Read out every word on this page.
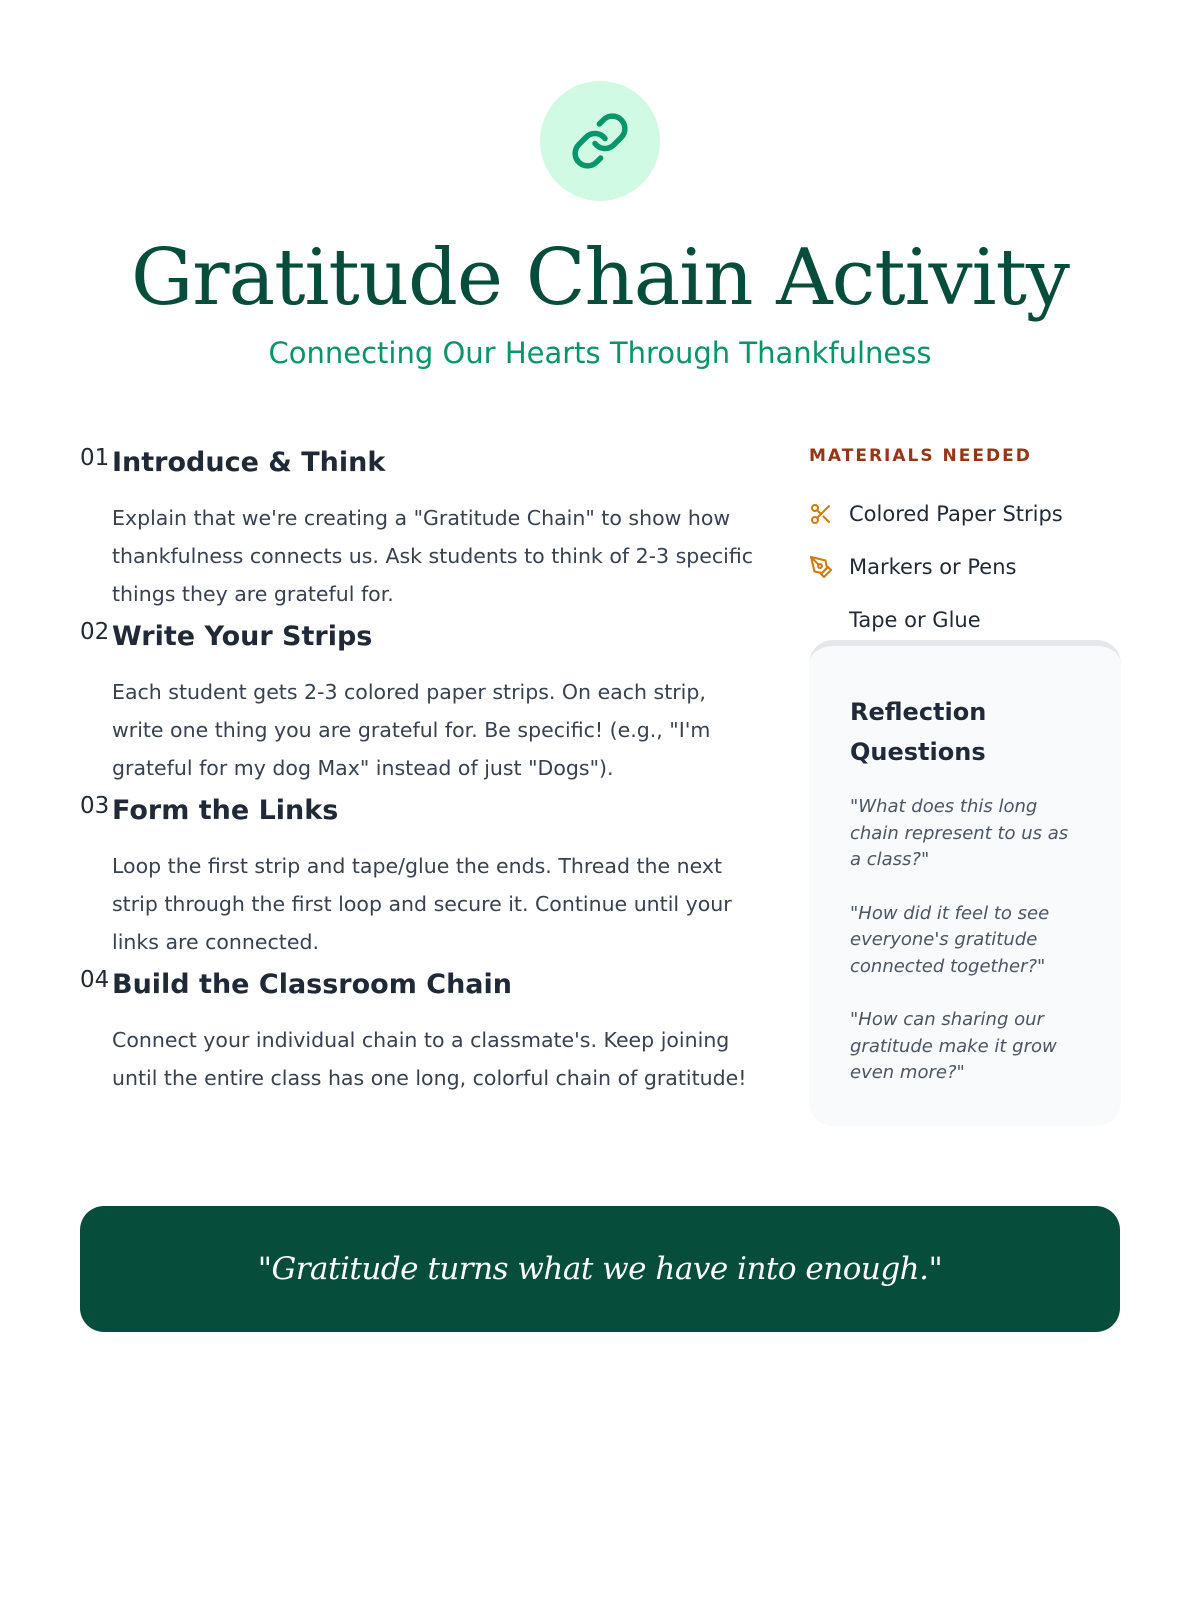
Gratitude Chain Activity
Connecting Our Hearts Through Thankfulness
01 Introduce & Think
Explain that we're creating a "Gratitude Chain" to show how thankfulness connects us. Ask students to think of 2-3 specific things they are grateful for.
02 Write Your Strips
Each student gets 2-3 colored paper strips. On each strip, write one thing you are grateful for. Be specific! (e.g., "I'm grateful for my dog Max" instead of just "Dogs").
03 Form the Links
Loop the first strip and tape/glue the ends. Thread the next strip through the first loop and secure it. Continue until your links are connected.
04 Build the Classroom Chain
Connect your individual chain to a classmate's. Keep joining until the entire class has one long, colorful chain of gratitude!
MATERIALS NEEDED
Colored Paper Strips
Markers or Pens
Tape or Glue
Reflection Questions
"What does this long chain represent to us as a class?"
"How did it feel to see everyone's gratitude connected together?"
"How can sharing our gratitude make it grow even more?"
"Gratitude turns what we have into enough."
